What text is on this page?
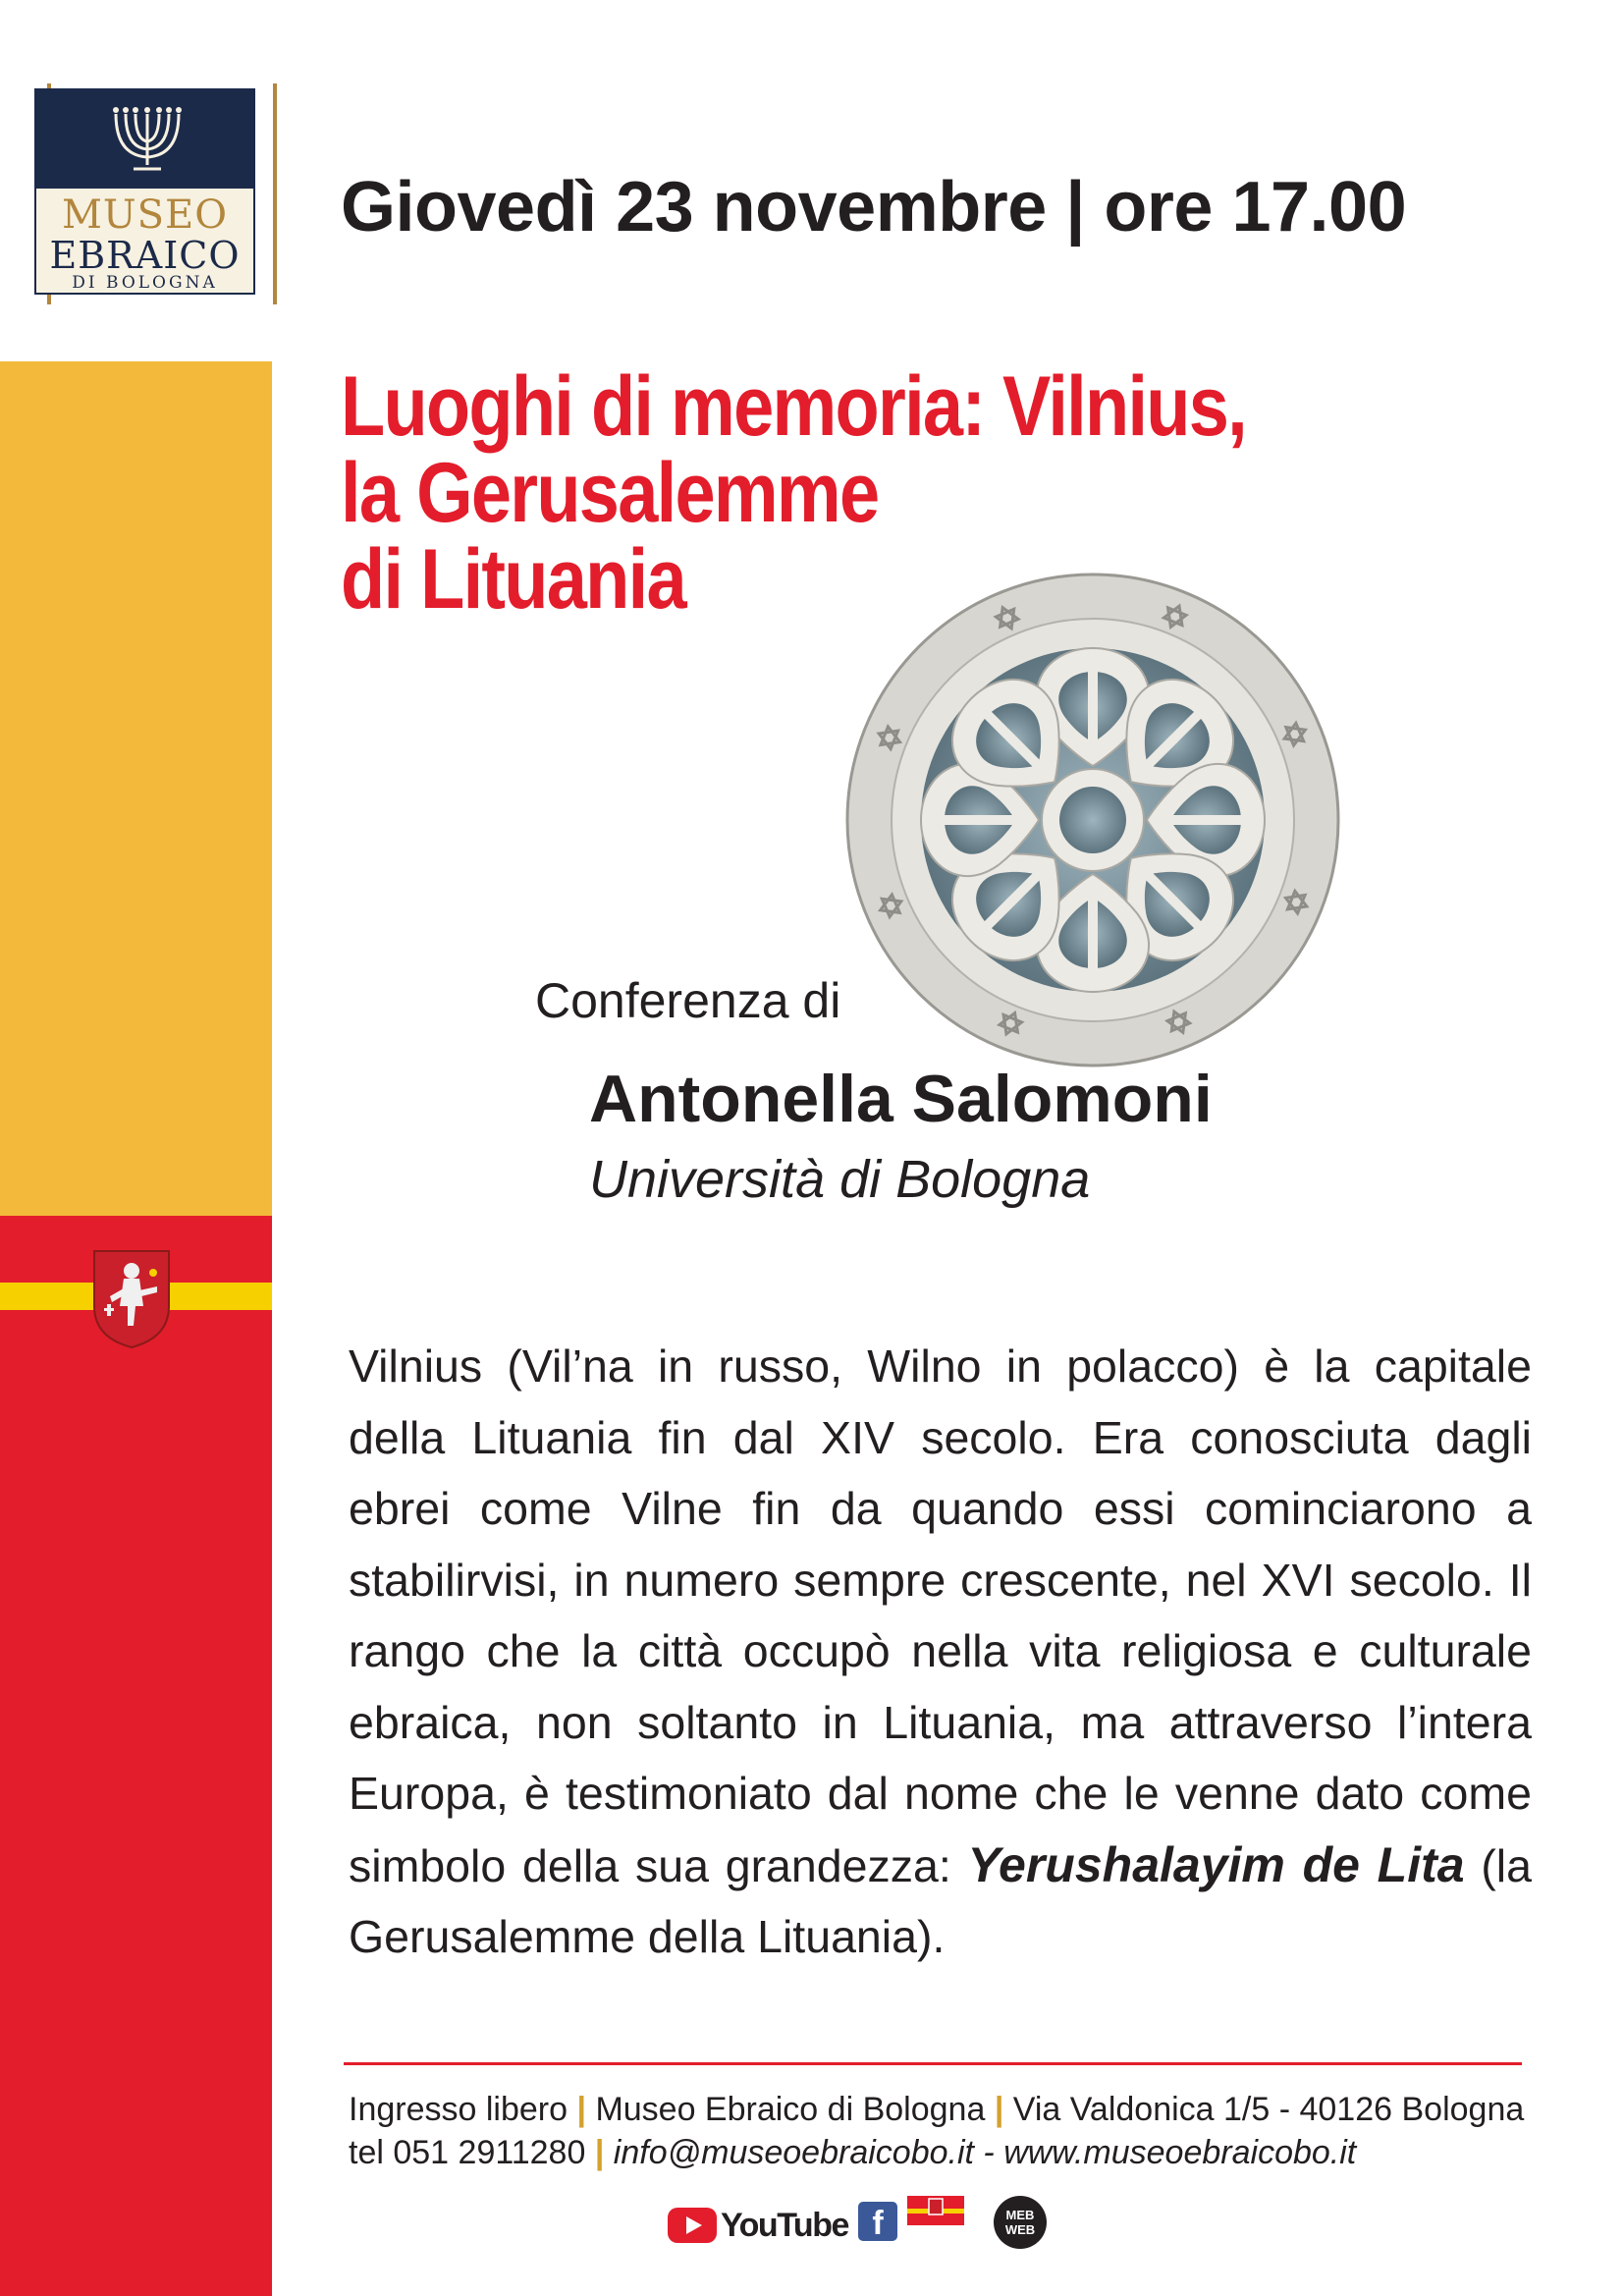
MUSEO
EBRAICO
DI BOLOGNA
Giovedì 23 novembre | ore 17.00
Luoghi di memoria: Vilnius,
la Gerusalemme
di Lituania
Conferenza di
Antonella Salomoni
Università di Bologna
Vilnius (Vil’na in russo, Wilno in polacco) è la capitale della Lituania fin dal XIV secolo. Era conosciuta dagli ebrei come Vilne fin da quando essi cominciarono a stabilirvisi, in numero sempre crescente, nel XVI secolo. Il rango che la città occupò nella vita religiosa e culturale ebraica, non soltanto in Lituania, ma attraverso l’intera Europa, è testimoniato dal nome che le venne dato come simbolo della sua grandezza: Yerushalayim de Lita (la Gerusalemme della Lituania).
Ingresso libero | Museo Ebraico di Bologna | Via Valdonica 1/5 - 40126 Bologna
tel 051 2911280 | info@museoebraicobo.it - www.museoebraicobo.it
YouTube f	MEB
WEB
